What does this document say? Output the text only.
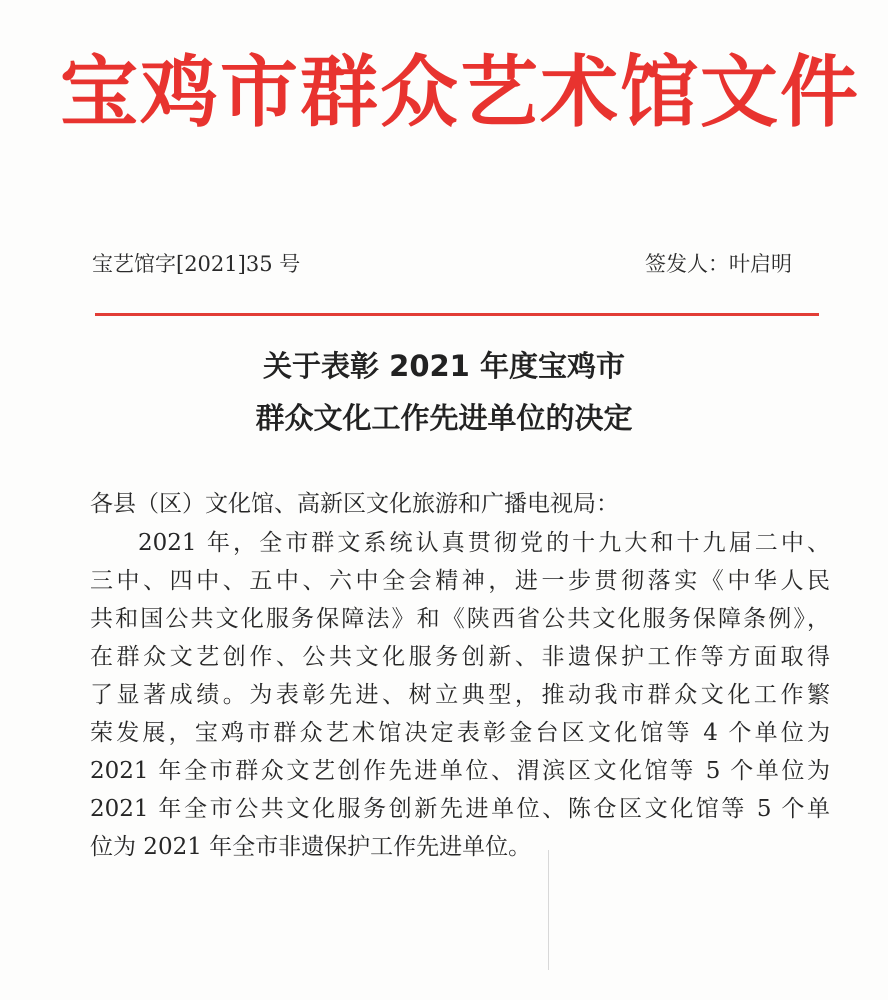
宝鸡市群众艺术馆文件
宝艺馆字[2021]35 号	签发人：叶启明
关于表彰 2021 年度宝鸡市
群众文化工作先进单位的决定
各县（区）文化馆、高新区文化旅游和广播电视局：
2021 年，全市群文系统认真贯彻党的十九大和十九届二中、
三中、四中、五中、六中全会精神，进一步贯彻落实《中华人民
共和国公共文化服务保障法》和《陕西省公共文化服务保障条例》，
在群众文艺创作、公共文化服务创新、非遗保护工作等方面取得
了显著成绩。为表彰先进、树立典型，推动我市群众文化工作繁
荣发展，宝鸡市群众艺术馆决定表彰金台区文化馆等 4 个单位为
2021 年全市群众文艺创作先进单位、渭滨区文化馆等 5 个单位为
2021 年全市公共文化服务创新先进单位、陈仓区文化馆等 5 个单
位为 2021 年全市非遗保护工作先进单位。
